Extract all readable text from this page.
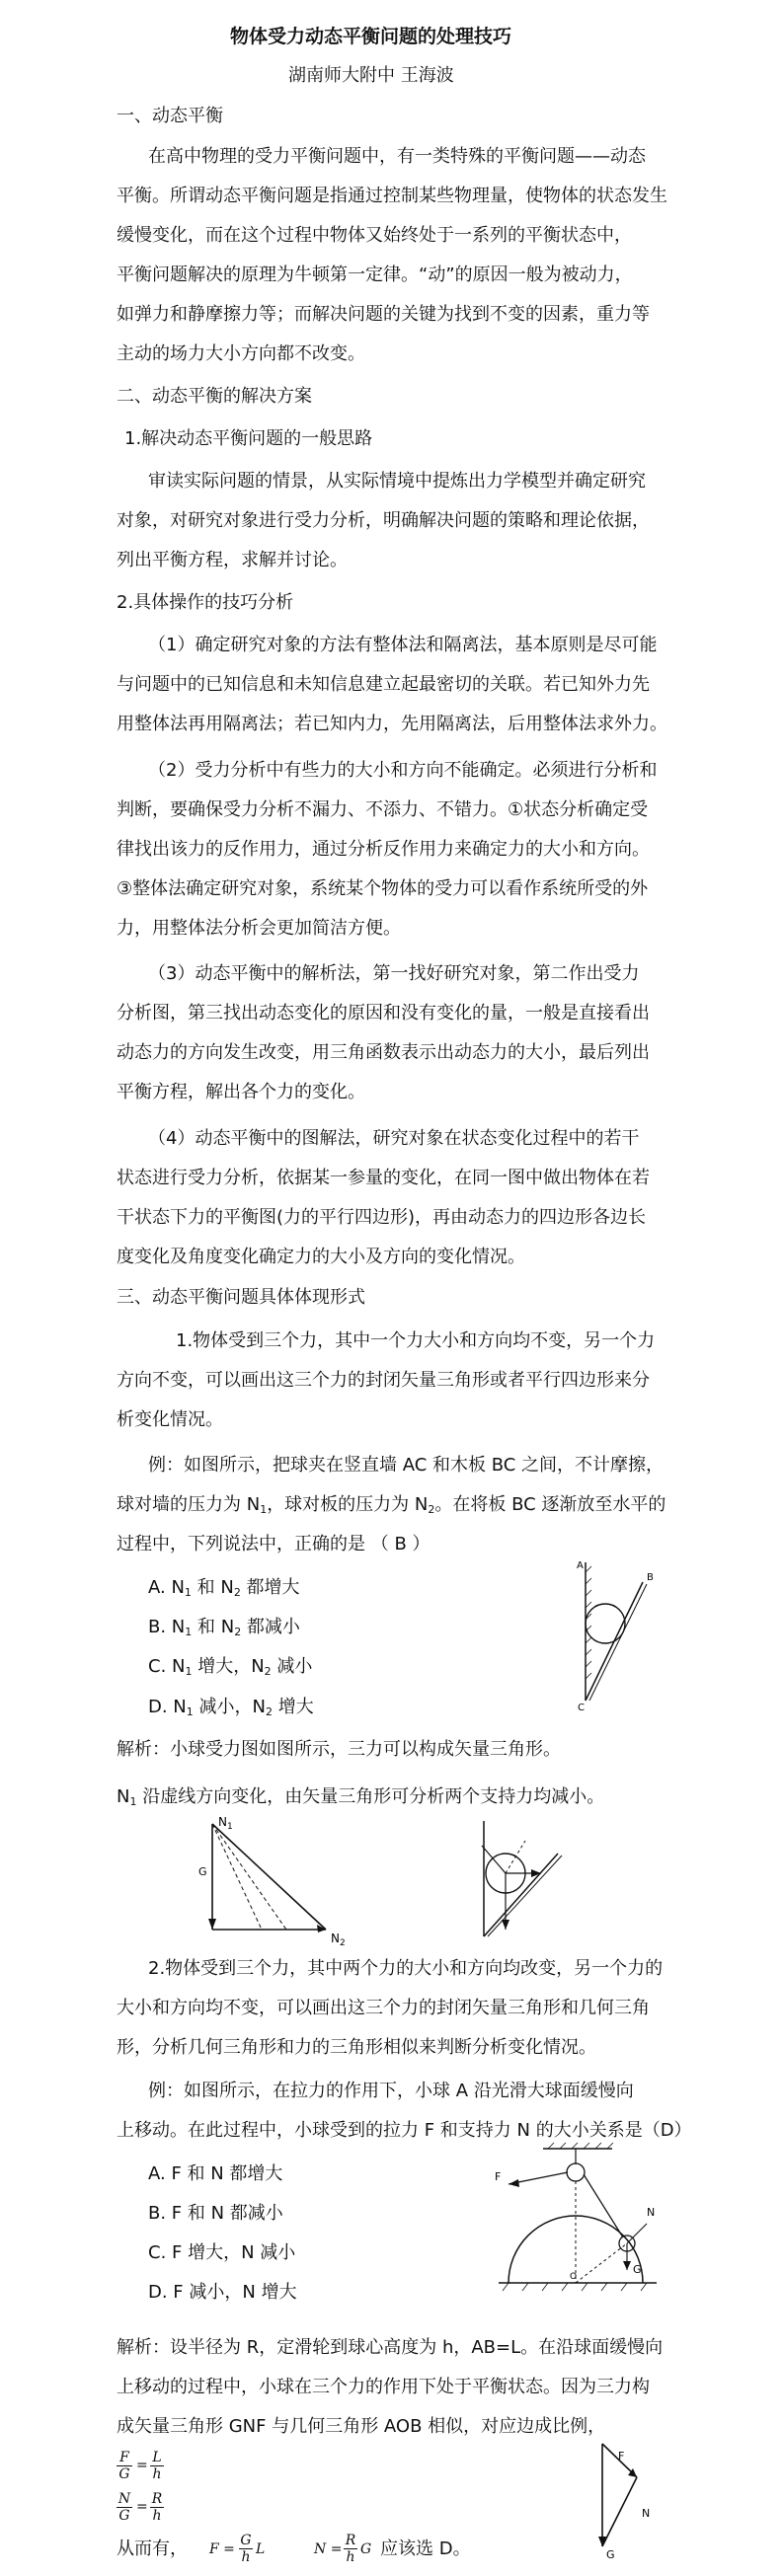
物体受力动态平衡问题的处理技巧
湖南师大附中 王海波
一、动态平衡
在高中物理的受力平衡问题中，有一类特殊的平衡问题——动态
平衡。所谓动态平衡问题是指通过控制某些物理量，使物体的状态发生
缓慢变化，而在这个过程中物体又始终处于一系列的平衡状态中，
平衡问题解决的原理为牛顿第一定律。“动”的原因一般为被动力，
如弹力和静摩擦力等；而解决问题的关键为找到不变的因素，重力等
主动的场力大小方向都不改变。
二、动态平衡的解决方案
1.解决动态平衡问题的一般思路
审读实际问题的情景，从实际情境中提炼出力学模型并确定研究
对象，对研究对象进行受力分析，明确解决问题的策略和理论依据，
列出平衡方程，求解并讨论。
2.具体操作的技巧分析
（1）确定研究对象的方法有整体法和隔离法，基本原则是尽可能
与问题中的已知信息和未知信息建立起最密切的关联。若已知外力先
用整体法再用隔离法；若已知内力，先用隔离法，后用整体法求外力。
（2）受力分析中有些力的大小和方向不能确定。必须进行分析和
判断，要确保受力分析不漏力、不添力、不错力。①状态分析确定受
律找出该力的反作用力，通过分析反作用力来确定力的大小和方向。
③整体法确定研究对象，系统某个物体的受力可以看作系统所受的外
力，用整体法分析会更加简洁方便。
（3）动态平衡中的解析法，第一找好研究对象，第二作出受力
分析图，第三找出动态变化的原因和没有变化的量，一般是直接看出
动态力的方向发生改变，用三角函数表示出动态力的大小，最后列出
平衡方程，解出各个力的变化。
（4）动态平衡中的图解法，研究对象在状态变化过程中的若干
状态进行受力分析，依据某一参量的变化，在同一图中做出物体在若
干状态下力的平衡图(力的平行四边形)，再由动态力的四边形各边长
度变化及角度变化确定力的大小及方向的变化情况。
三、动态平衡问题具体体现形式
1.物体受到三个力，其中一个力大小和方向均不变，另一个力
方向不变，可以画出这三个力的封闭矢量三角形或者平行四边形来分
析变化情况。
例：如图所示，把球夹在竖直墙 AC 和木板 BC 之间，不计摩擦，
球对墙的压力为 $N_1$，球对板的压力为 $N_2$。在将板 BC 逐渐放至水平的
过程中，下列说法中，正确的是 （ B ）
A. $N_1$ 和 $N_2$ 都增大
B. $N_1$ 和 $N_2$ 都减小
C. $N_1$ 增大，$N_2$ 减小
D. $N_1$ 减小，$N_2$ 增大
A
B
C
解析：小球受力图如图所示，三力可以构成矢量三角形。
$N_1$ 沿虚线方向变化，由矢量三角形可分析两个支持力均减小。
$N_1$
G
$N_2$
2.物体受到三个力，其中两个力的大小和方向均改变，另一个力的
大小和方向均不变，可以画出这三个力的封闭矢量三角形和几何三角
形，分析几何三角形和力的三角形相似来判断分析变化情况。
例：如图所示，在拉力的作用下，小球 A 沿光滑大球面缓慢向
上移动。在此过程中，小球受到的拉力 F 和支持力 N 的大小关系是（D）
A. F 和 N 都增大
B. F 和 N 都减小
C. F 增大，N 减小
D. F 减小，N 增大
F
N
G
O
解析：设半径为 R，定滑轮到球心高度为 h，AB=L。在沿球面缓慢向
上移动的过程中，小球在三个力的作用下处于平衡状态。因为三力构
成矢量三角形 GNF 与几何三角形 AOB 相似，对应边成比例，
$\frac{F}{G} = \frac{L}{h}$
$\frac{N}{G} = \frac{R}{h}$
从而有， $F = \frac{G}{h}$ L	$N = \frac{R}{h}$ G 应该选 D。
F
N
G
